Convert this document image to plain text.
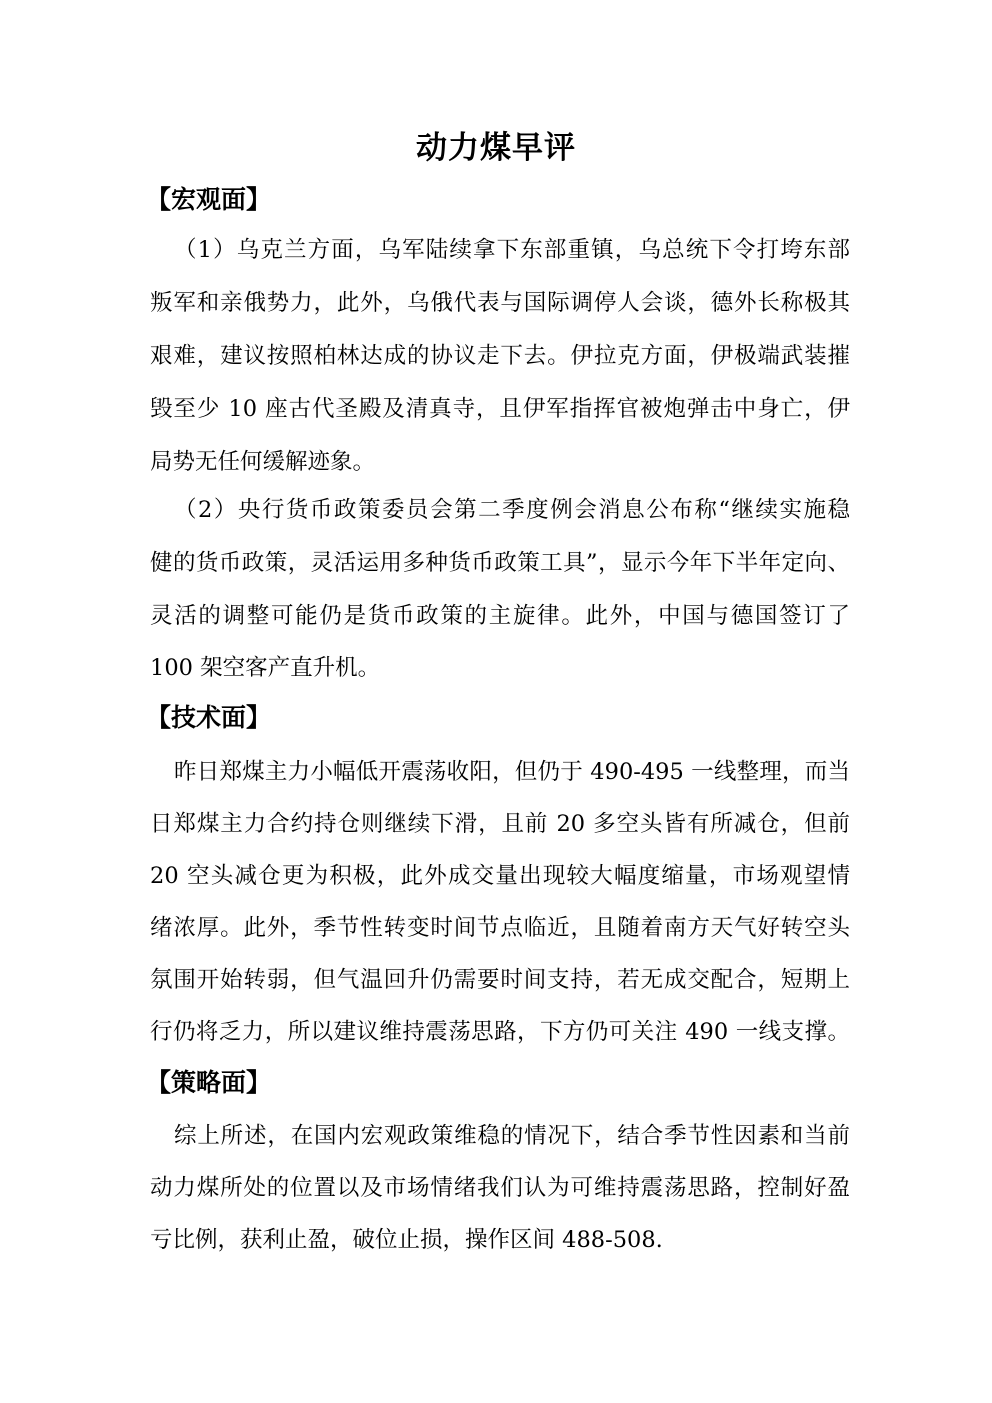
动力煤早评
【宏观面】
（1）乌克兰方面，乌军陆续拿下东部重镇，乌总统下令打垮东部
叛军和亲俄势力，此外，乌俄代表与国际调停人会谈，德外长称极其
艰难，建议按照柏林达成的协议走下去。伊拉克方面，伊极端武装摧
毁至少 10 座古代圣殿及清真寺，且伊军指挥官被炮弹击中身亡，伊
局势无任何缓解迹象。
（2）央行货币政策委员会第二季度例会消息公布称“继续实施稳
健的货币政策，灵活运用多种货币政策工具”，显示今年下半年定向、
灵活的调整可能仍是货币政策的主旋律。此外，中国与德国签订了
100 架空客产直升机。
【技术面】
昨日郑煤主力小幅低开震荡收阳，但仍于 490-495 一线整理，而当
日郑煤主力合约持仓则继续下滑，且前 20 多空头皆有所减仓，但前
20 空头减仓更为积极，此外成交量出现较大幅度缩量，市场观望情
绪浓厚。此外，季节性转变时间节点临近，且随着南方天气好转空头
氛围开始转弱，但气温回升仍需要时间支持，若无成交配合，短期上
行仍将乏力，所以建议维持震荡思路，下方仍可关注 490 一线支撑。
【策略面】
综上所述，在国内宏观政策维稳的情况下，结合季节性因素和当前
动力煤所处的位置以及市场情绪我们认为可维持震荡思路，控制好盈
亏比例，获利止盈，破位止损，操作区间 488-508.
